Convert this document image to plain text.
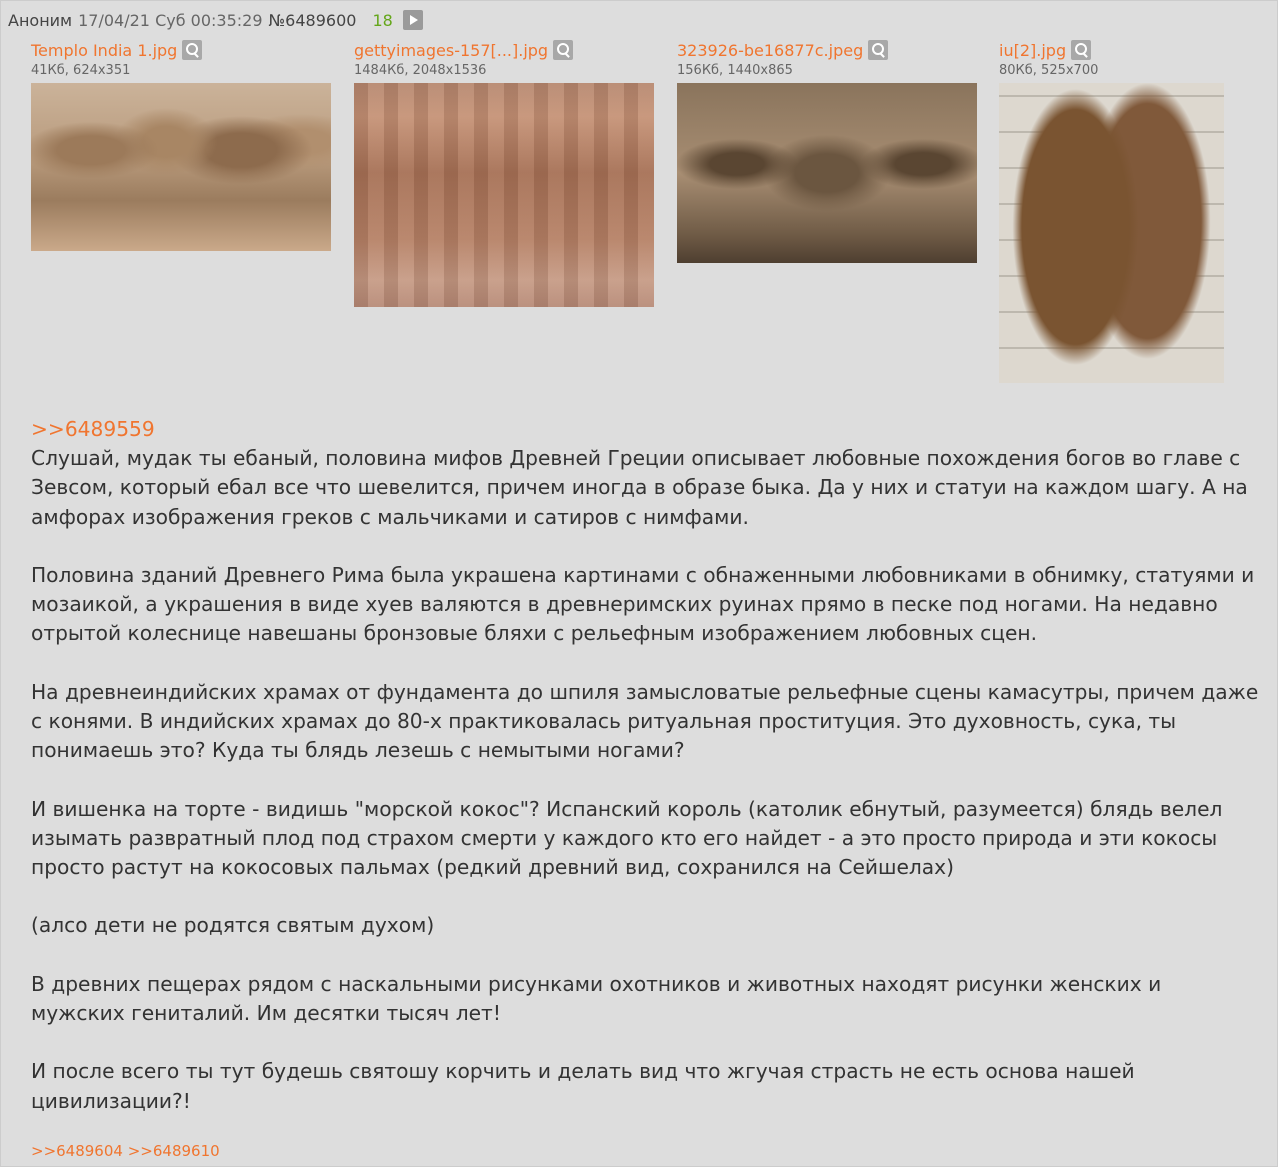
Аноним 17/04/21 Суб 00:35:29 №6489600 18
Templo India 1.jpg
41Кб, 624x351
gettyimages-157[...].jpg
1484Кб, 2048x1536
323926-be16877c.jpeg
156Кб, 1440x865
iu[2].jpg
80Кб, 525x700
>>6489559

Слушай, мудак ты ебаный, половина мифов Древней Греции описывает любовные похождения богов во главе с Зевсом, который ебал все что шевелится, причем иногда в образе быка. Да у них и статуи на каждом шагу. А на амфорах изображения греков с мальчиками и сатиров с нимфами.

Половина зданий Древнего Рима была украшена картинами с обнаженными любовниками в обнимку, статуями и мозаикой, а украшения в виде хуев валяются в древнеримских руинах прямо в песке под ногами. На недавно отрытой колеснице навешаны бронзовые бляхи с рельефным изображением любовных сцен.

На древнеиндийских храмах от фундамента до шпиля замысловатые рельефные сцены камасутры, причем даже с конями. В индийских храмах до 80-х практиковалась ритуальная проституция. Это духовность, сука, ты понимаешь это? Куда ты блядь лезешь с немытыми ногами?

И вишенка на торте - видишь "морской кокос"? Испанский король (католик ебнутый, разумеется) блядь велел изымать развратный плод под страхом смерти у каждого кто его найдет - а это просто природа и эти кокосы просто растут на кокосовых пальмах (редкий древний вид, сохранился на Сейшелах)

(алсо дети не родятся святым духом)

В древних пещерах рядом с наскальными рисунками охотников и животных находят рисунки женских и мужских гениталий. Им десятки тысяч лет!

И после всего ты тут будешь святошу корчить и делать вид что жгучая страсть не есть основа нашей цивилизации?!

>>6489604 >>6489610
